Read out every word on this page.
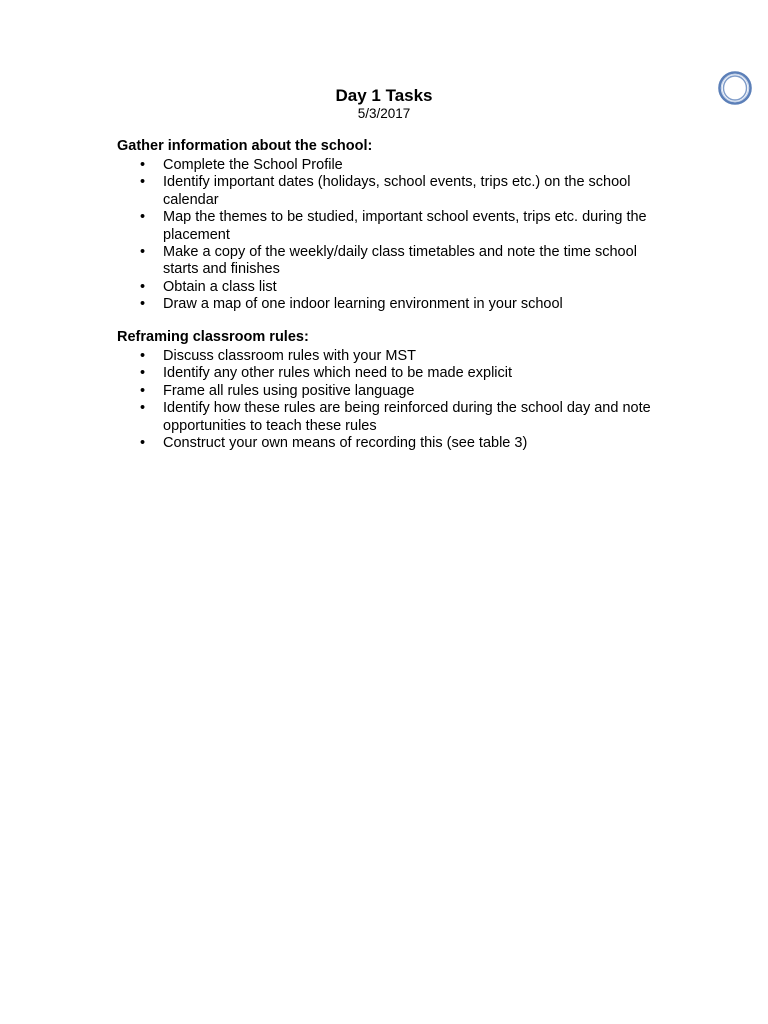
Day 1 Tasks
5/3/2017
Gather information about the school:
• Complete the School Profile
• Identify important dates (holidays, school events, trips etc.) on the school calendar
• Map the themes to be studied, important school events, trips etc. during the placement
• Make a copy of the weekly/daily class timetables and note the time school starts and finishes
• Obtain a class list
• Draw a map of one indoor learning environment in your school
Reframing classroom rules:
• Discuss classroom rules with your MST
• Identify any other rules which need to be made explicit
• Frame all rules using positive language
• Identify how these rules are being reinforced during the school day and note opportunities to teach these rules
• Construct your own means of recording this (see table 3)
